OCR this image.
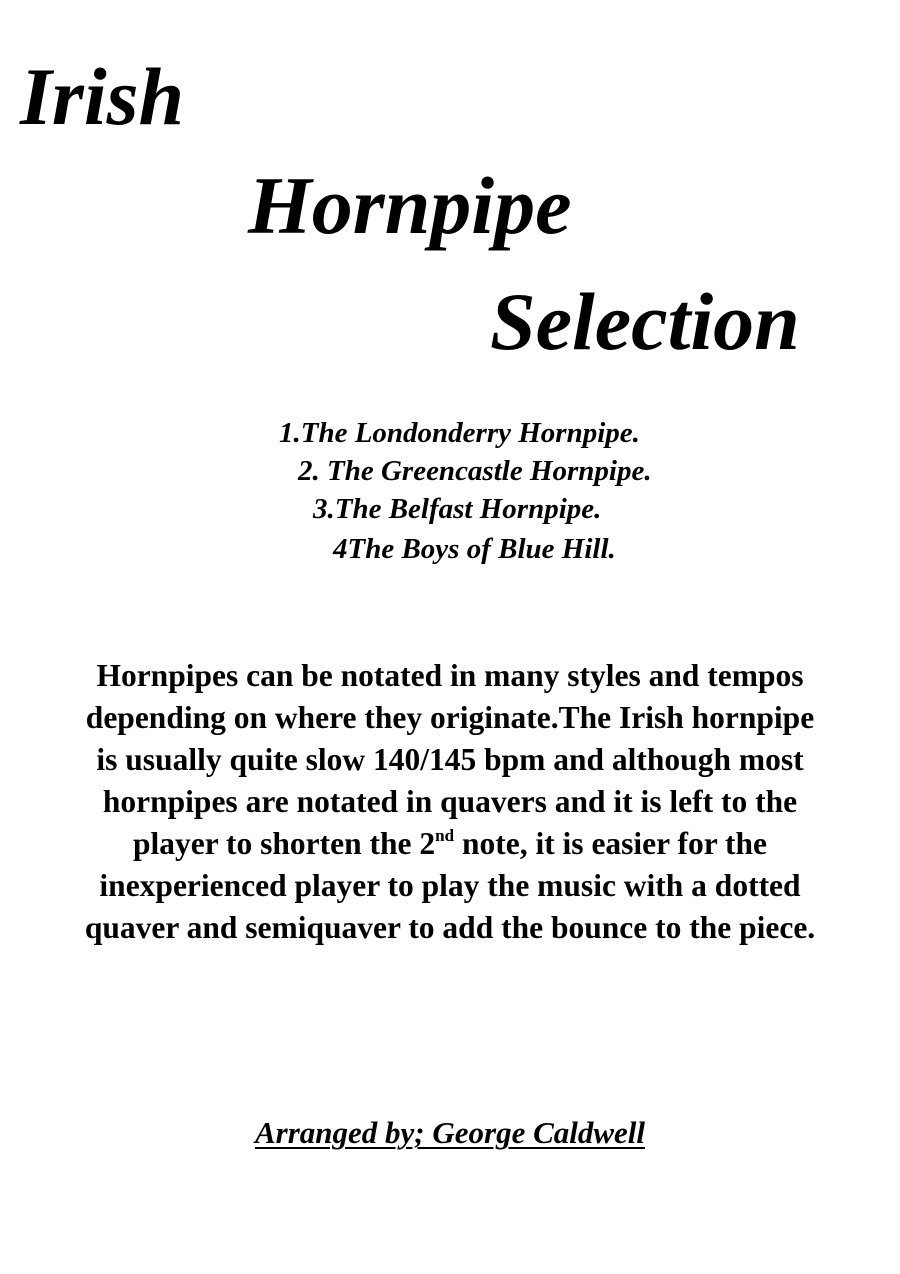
Irish
Hornpipe
Selection

1.The Londonderry Hornpipe.

2. The Greencastle Hornpipe.

3.The Belfast Hornpipe.

4The Boys of Blue Hill.

Hornpipes can be notated in many styles and tempos
depending on where they originate.The Irish hornpipe
is usually quite slow 140/145 bpm and although most
hornpipes are notated in quavers and it is left to the
player to shorten the 2nd note, it is easier for the
inexperienced player to play the music with a dotted
quaver and semiquaver to add the bounce to the piece.

Arranged by; George Caldwell
